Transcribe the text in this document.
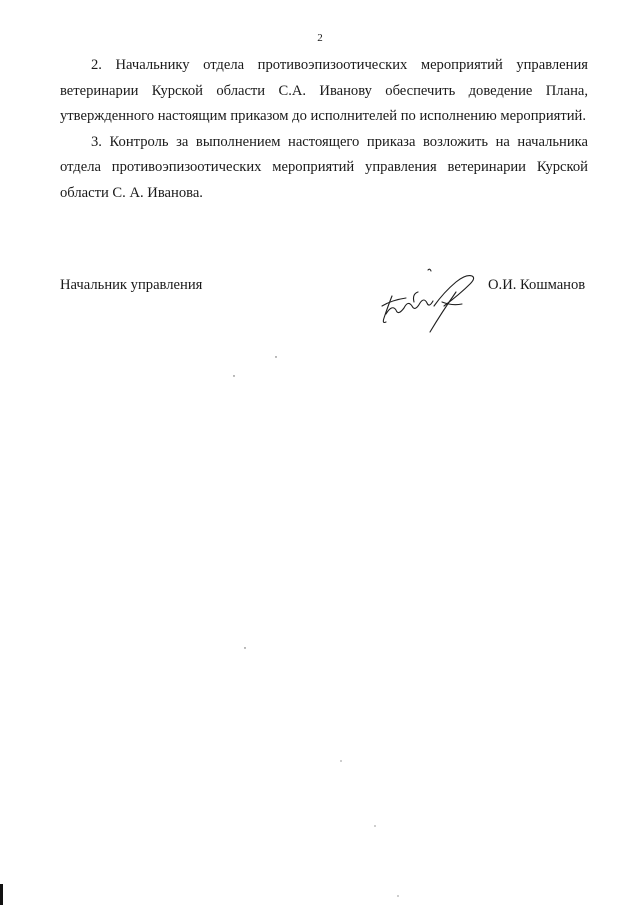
2

2. Начальнику отдела противоэпизоотических мероприятий управления ветеринарии Курской области С.А. Иванову обеспечить доведение Плана, утвержденного настоящим приказом до исполнителей по исполнению мероприятий.

3. Контроль за выполнением настоящего приказа возложить на начальника отдела противоэпизоотических мероприятий управления ветеринарии Курской области С. А. Иванова.

Начальник управления	О.И. Кошманов
